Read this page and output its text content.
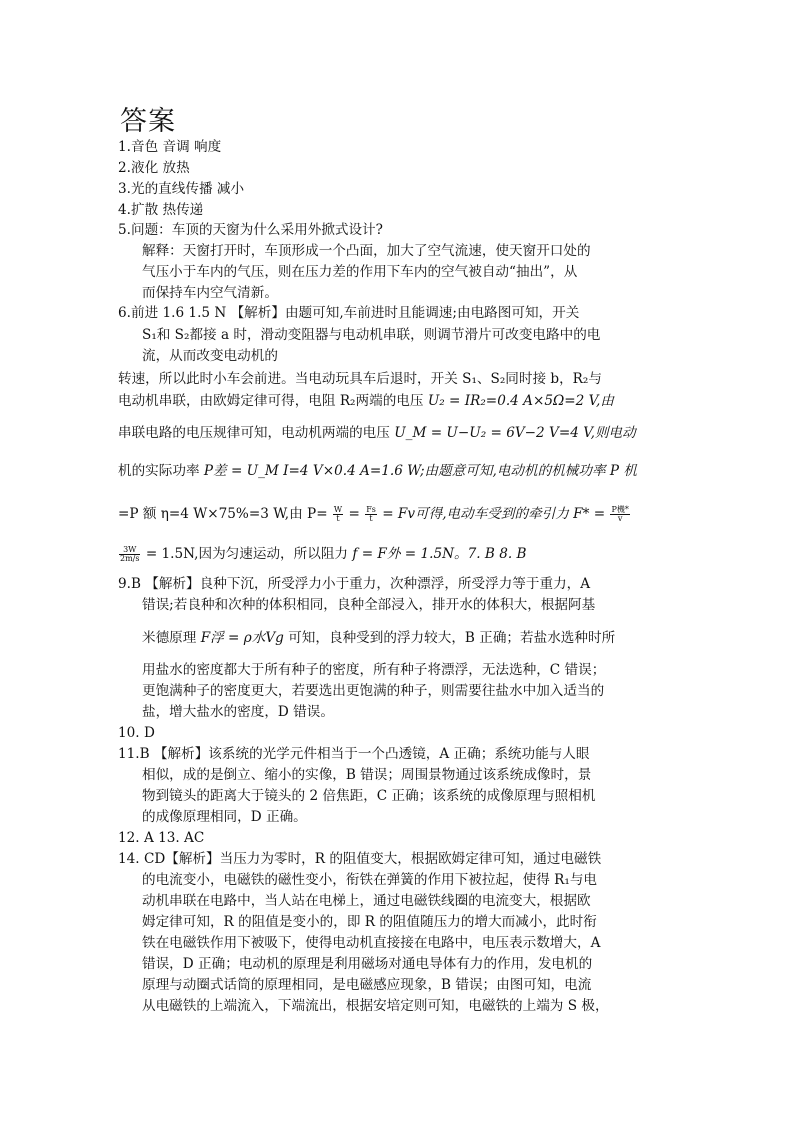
答案
1.音色 音调 响度
2.液化 放热
3.光的直线传播 减小
4.扩散 热传递
5.问题：车顶的天窗为什么采用外掀式设计?
解释：天窗打开时，车顶形成一个凸面，加大了空气流速，使天窗开口处的
气压小于车内的气压，则在压力差的作用下车内的空气被自动“抽出”，从
而保持车内空气清新。
6.前进 1.6 1.5 N 【解析】由题可知,车前进时且能调速;由电路图可知，开关
S₁和 S₂都接 a 时，滑动变阻器与电动机串联，则调节滑片可改变电路中的电
流，从而改变电动机的
转速，所以此时小车会前进。当电动玩具车后退时，开关 S₁、S₂同时接 b，R₂与
电动机串联，由欧姆定律可得，电阻 R₂两端的电压 U₂ = IR₂=0.4 A×5Ω=2 V,由
串联电路的电压规律可知，电动机两端的电压 U_M = U−U₂ = 6V−2 V=4 V,则电动
机的实际功率 P差 = U_M I=4 V×0.4 A=1.6 W;由题意可知,电动机的机械功率 P 机
=P 额 η=4 W×75%=3 W,由 $P= \frac{W}{t} = \frac{Fs}{t} = Fv$可得,电动车受到的牵引力 $F* = \frac{\text{P機*}}{v}$
$\frac{3W}{2m/s} = 1.5N$,因为匀速运动，所以阻力 f = F外 = 1.5N。7. B 8. B
9.B 【解析】良种下沉，所受浮力小于重力，次种漂浮，所受浮力等于重力，A
错误;若良种和次种的体积相同，良种全部浸入，排开水的体积大，根据阿基
米德原理 F浮 = ρ水Vg 可知，良种受到的浮力较大，B 正确；若盐水选种时所
用盐水的密度都大于所有种子的密度，所有种子将漂浮，无法选种，C 错误；
更饱满种子的密度更大，若要选出更饱满的种子，则需要往盐水中加入适当的
盐，增大盐水的密度，D 错误。
10. D
11.B 【解析】该系统的光学元件相当于一个凸透镜，A 正确；系统功能与人眼
相似，成的是倒立、缩小的实像，B 错误；周围景物通过该系统成像时，景
物到镜头的距离大于镜头的 2 倍焦距，C 正确；该系统的成像原理与照相机
的成像原理相同，D 正确。
12. A 13. AC
14. CD【解析】当压力为零时，R 的阻值变大，根据欧姆定律可知，通过电磁铁
的电流变小，电磁铁的磁性变小，衔铁在弹簧的作用下被拉起，使得 R₁与电
动机串联在电路中，当人站在电梯上，通过电磁铁线圈的电流变大，根据欧
姆定律可知，R 的阻值是变小的，即 R 的阻值随压力的增大而减小，此时衔
铁在电磁铁作用下被吸下，使得电动机直接接在电路中，电压表示数增大，A
错误，D 正确；电动机的原理是利用磁场对通电导体有力的作用，发电机的
原理与动圈式话筒的原理相同，是电磁感应现象，B 错误；由图可知，电流
从电磁铁的上端流入，下端流出，根据安培定则可知，电磁铁的上端为 S 极，
